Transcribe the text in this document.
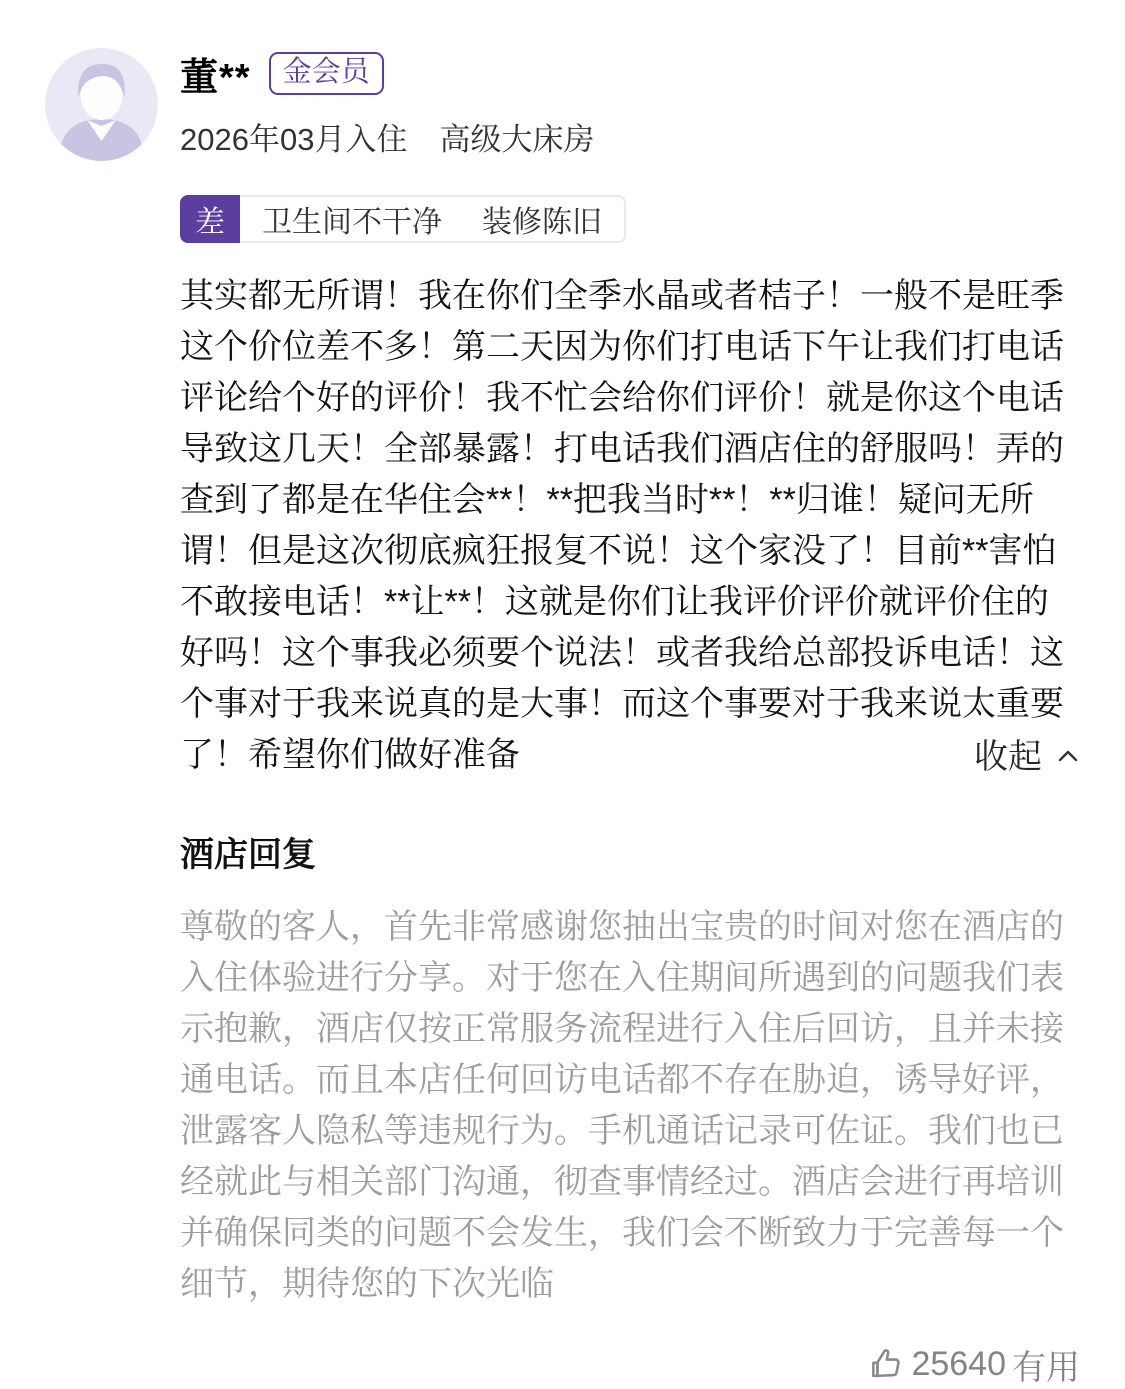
董**	金会员
2026年03月入住 高级大床房
差	卫生间不干净 装修陈旧
其实都无所谓！我在你们全季水晶或者桔子！一般不是旺季这个价位差不多！第二天因为你们打电话下午让我们打电话评论给个好的评价！我不忙会给你们评价！就是你这个电话导致这几天！全部暴露！打电话我们酒店住的舒服吗！弄的查到了都是在华住会**！**把我当时**！**归谁！疑问无所谓！但是这次彻底疯狂报复不说！这个家没了！目前**害怕不敢接电话！**让**！这就是你们让我评价评价就评价住的好吗！这个事我必须要个说法！或者我给总部投诉电话！这个事对于我来说真的是大事！而这个事要对于我来说太重要了！希望你们做好准备	收起
酒店回复
尊敬的客人，首先非常感谢您抽出宝贵的时间对您在酒店的入住体验进行分享。对于您在入住期间所遇到的问题我们表示抱歉，酒店仅按正常服务流程进行入住后回访，且并未接通电话。而且本店任何回访电话都不存在胁迫，诱导好评，泄露客人隐私等违规行为。手机通话记录可佐证。我们也已经就此与相关部门沟通，彻查事情经过。酒店会进行再培训并确保同类的问题不会发生，我们会不断致力于完善每一个细节，期待您的下次光临
25640 有用
